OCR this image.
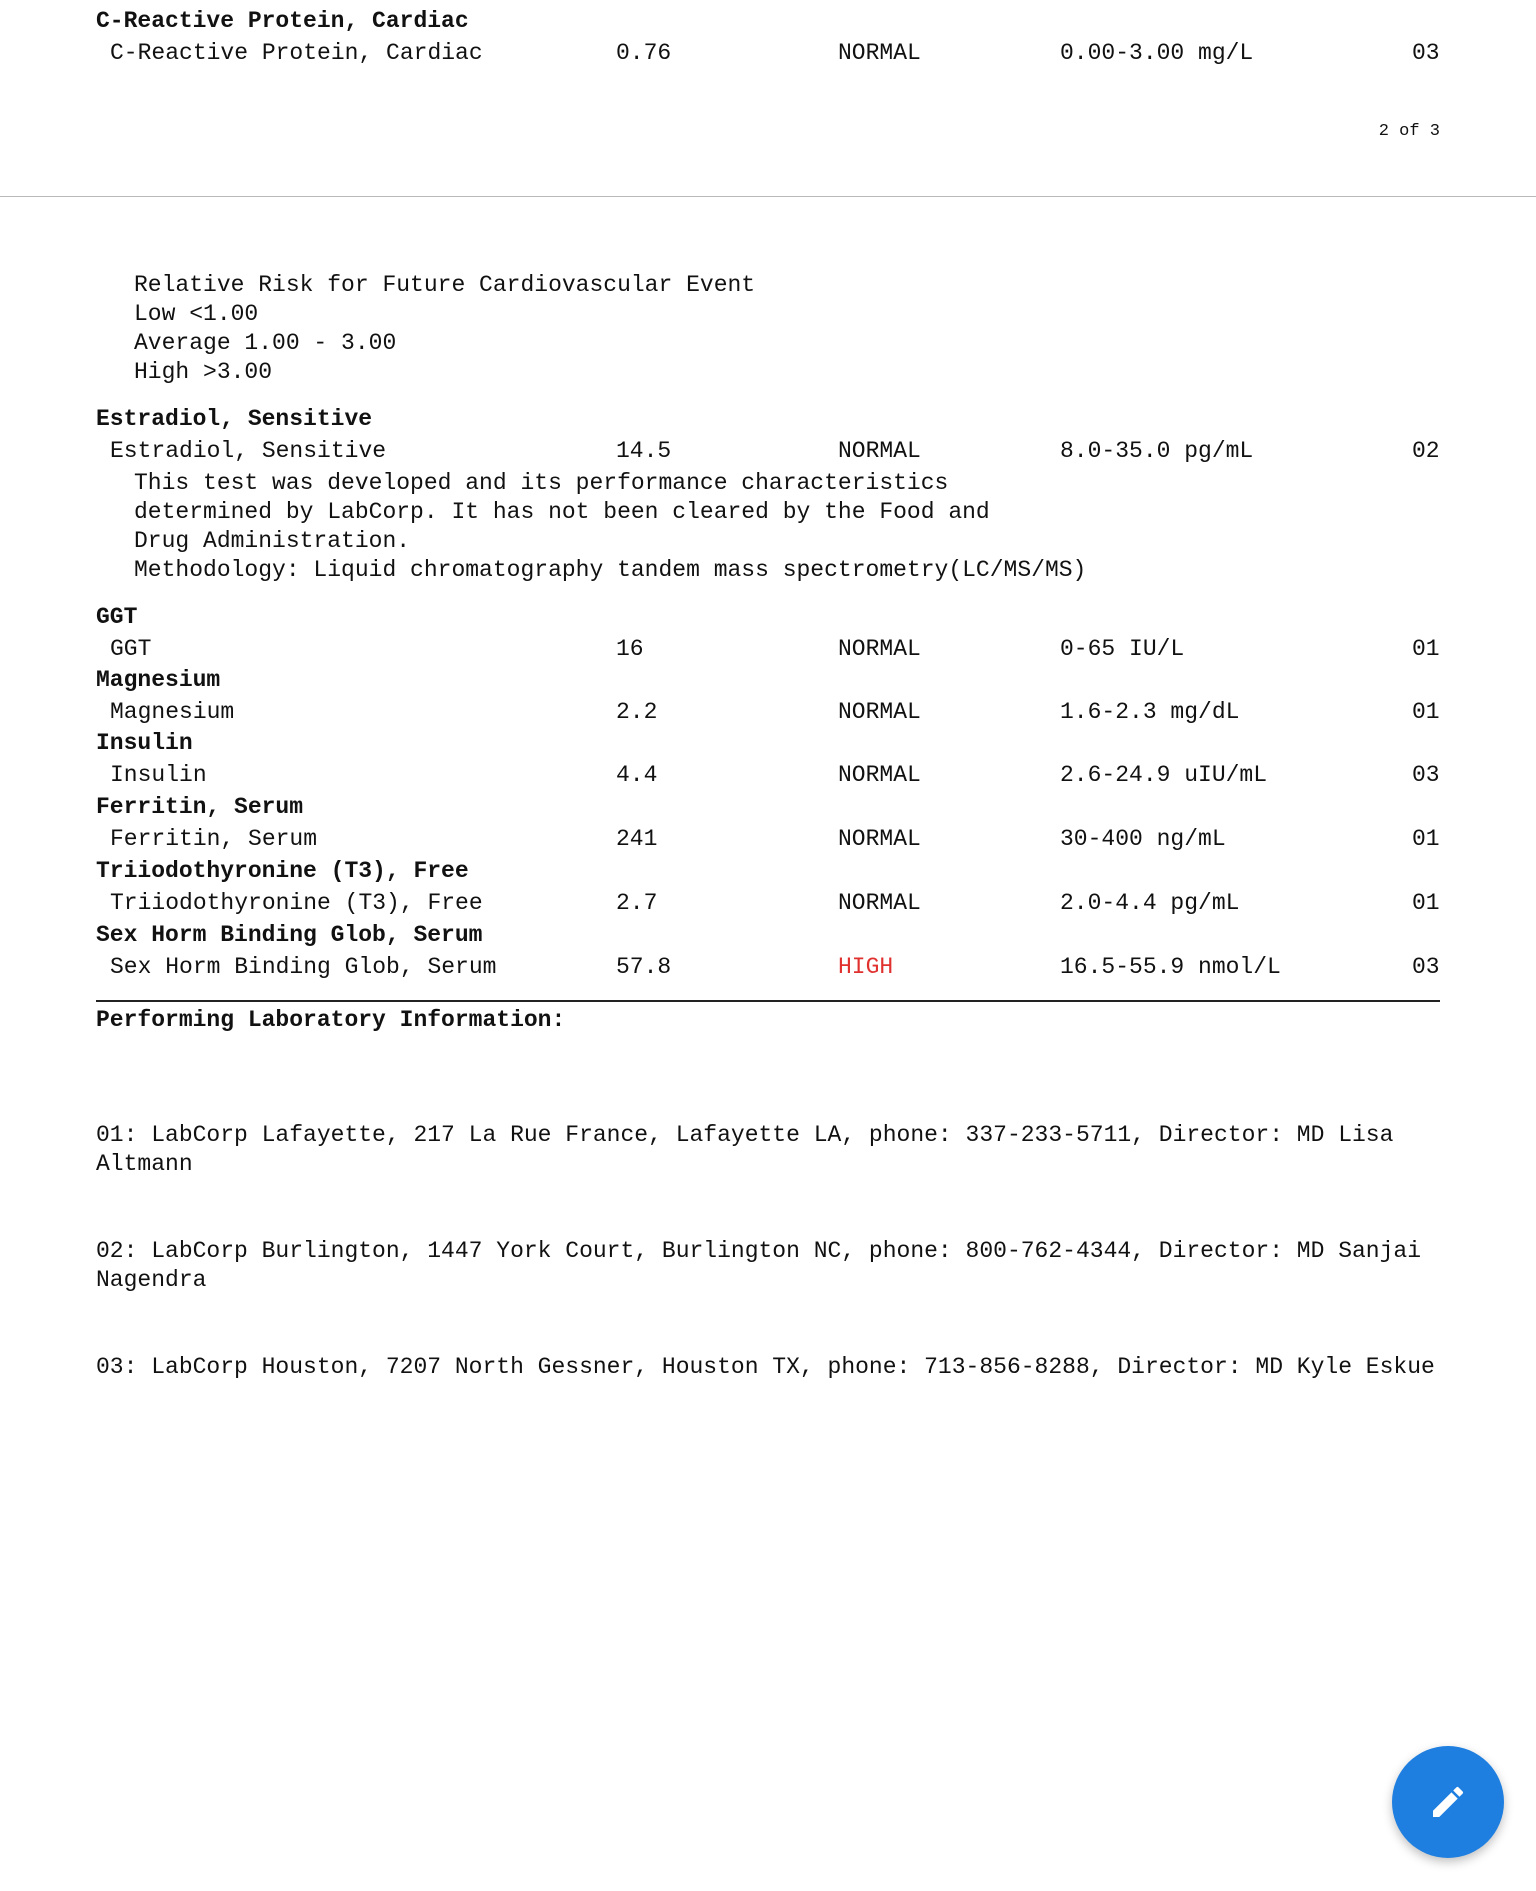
C-Reactive Protein, Cardiac
C-Reactive Protein, Cardiac	0.76	NORMAL	0.00-3.00 mg/L	03
2 of 3
Relative Risk for Future Cardiovascular Event
Low <1.00
Average 1.00 - 3.00
High >3.00
Estradiol, Sensitive
Estradiol, Sensitive	14.5	NORMAL	8.0-35.0 pg/mL	02
This test was developed and its performance characteristics
determined by LabCorp. It has not been cleared by the Food and
Drug Administration.
Methodology: Liquid chromatography tandem mass spectrometry(LC/MS/MS)
GGT
GGT	16	NORMAL	0-65 IU/L	01
Magnesium
Magnesium	2.2	NORMAL	1.6-2.3 mg/dL	01
Insulin
Insulin	4.4	NORMAL	2.6-24.9 uIU/mL	03
Ferritin, Serum
Ferritin, Serum	241	NORMAL	30-400 ng/mL	01
Triiodothyronine (T3), Free
Triiodothyronine (T3), Free	2.7	NORMAL	2.0-4.4 pg/mL	01
Sex Horm Binding Glob, Serum
Sex Horm Binding Glob, Serum	57.8	HIGH	16.5-55.9 nmol/L	03
Performing Laboratory Information:

01: LabCorp Lafayette, 217 La Rue France, Lafayette LA, phone: 337-233-5711, Director: MD Lisa Altmann

02: LabCorp Burlington, 1447 York Court, Burlington NC, phone: 800-762-4344, Director: MD Sanjai Nagendra

03: LabCorp Houston, 7207 North Gessner, Houston TX, phone: 713-856-8288, Director: MD Kyle Eskue
